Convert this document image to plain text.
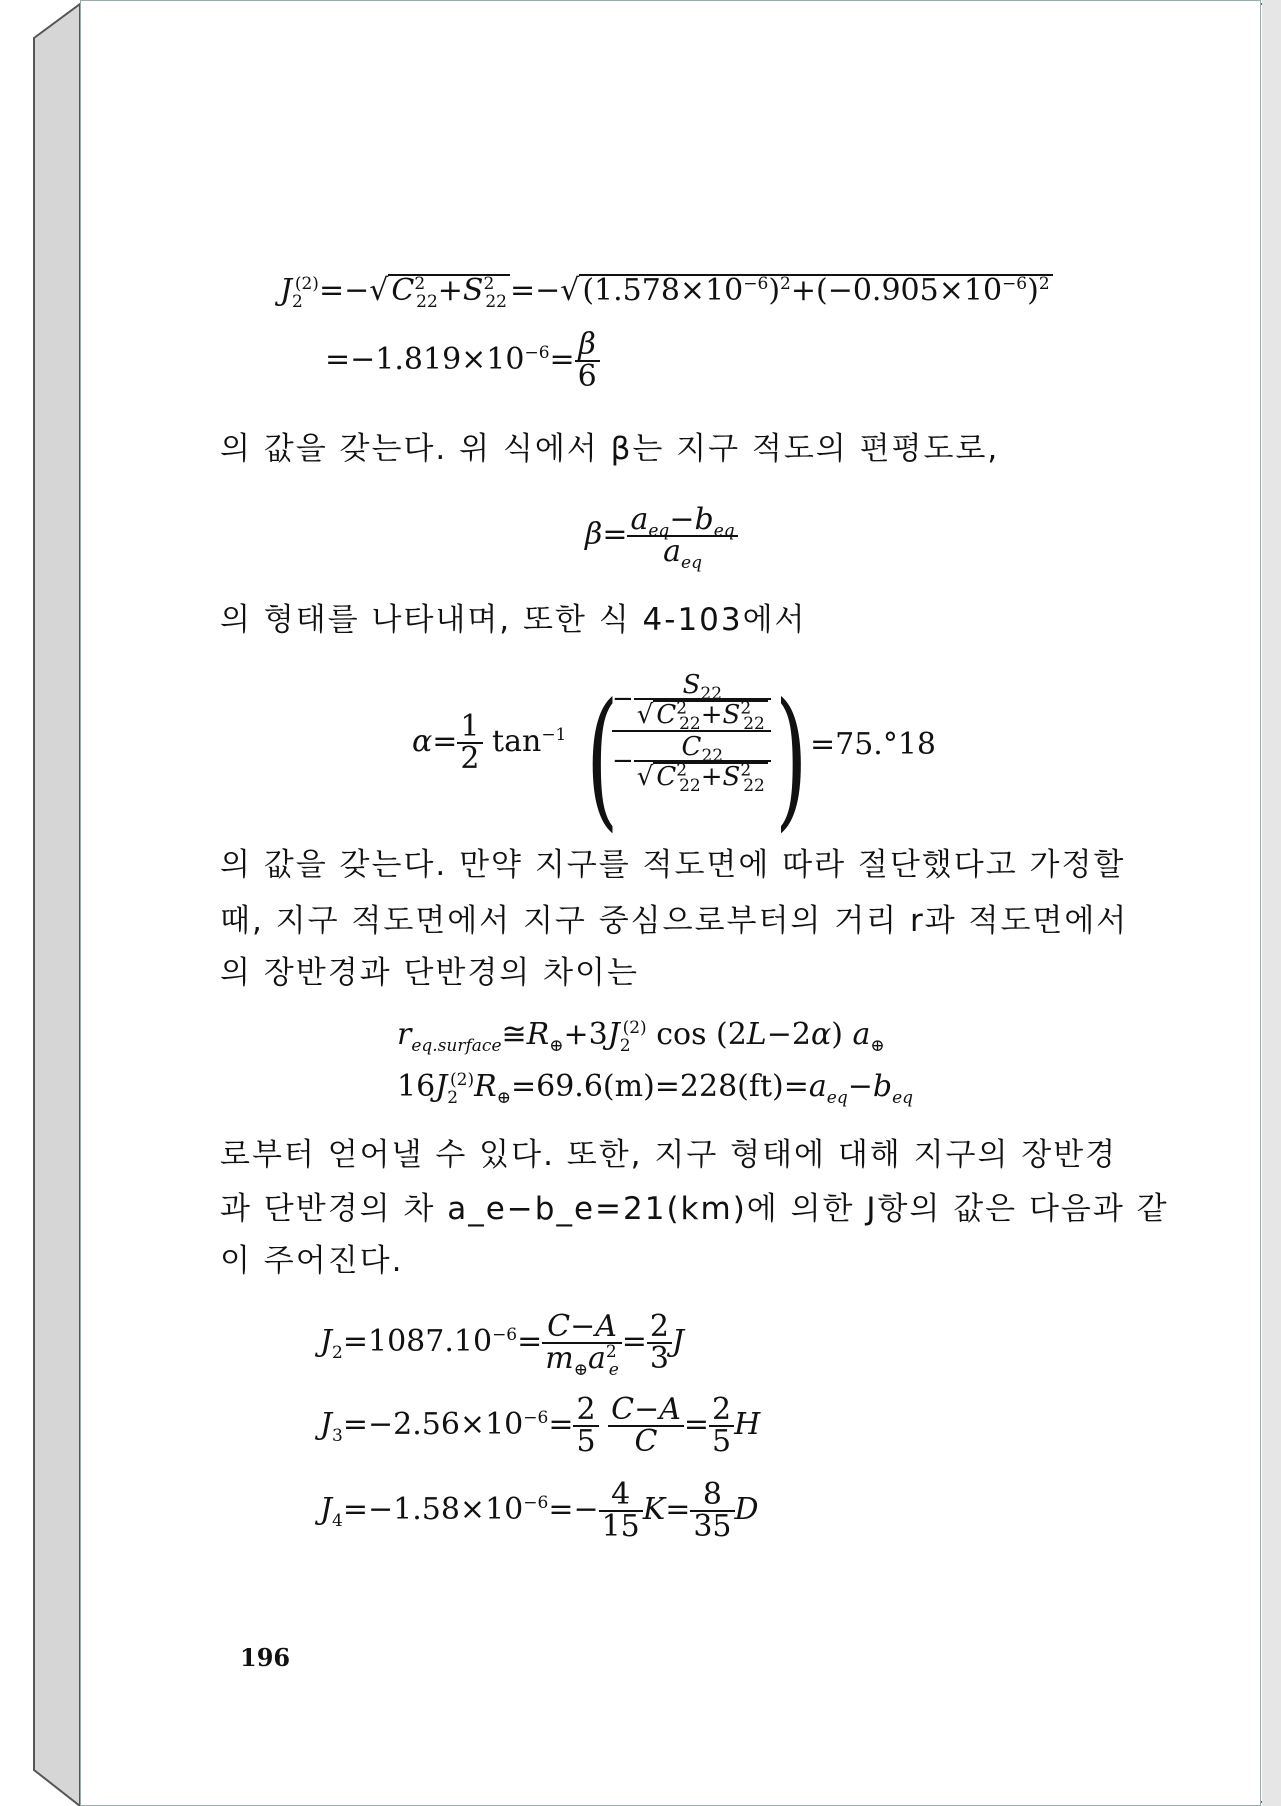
$J_2^{(2)}=-√$ $C^2_{22}+S^2_{22}$ =−√ $(1.578\times 10^{-6})^2+(-0.905\times 10^{-6})^2$
$=-1.819\times 10^{-6}= \frac{\beta}{6}$
의 값을 갖는다. 위 식에서 β는 지구 적도의 편평도로,
$\beta= \frac{a_{eq}-b_{eq}}{a_{eq}}$
의 형태를 나타내며, 또한 식 4-103에서
$\alpha= \frac{1}{2} \tan^{-1}$ (
− $\frac{S_{22}}{√ C^2_{22}+S^2_{22}}$
− $\frac{C_{22}}{√ C^2_{22}+S^2_{22}}$ ) =75.°18
의 값을 갖는다. 만약 지구를 적도면에 따라 절단했다고 가정할
때, 지구 적도면에서 지구 중심으로부터의 거리 r과 적도면에서
의 장반경과 단반경의 차이는
$r_{eq.surface}≅R_\oplus+3J_2^{(2)}$ cos (2L−2α) $a_\oplus$
$16J_2^{(2)}R_\oplus=69.6(m)=228(ft)=a_{eq}-b_{eq}$
로부터 얻어낼 수 있다. 또한, 지구 형태에 대해 지구의 장반경
과 단반경의 차 a_e−b_e=21(km)에 의한 J항의 값은 다음과 같
이 주어진다.
$J_2=1087.10^{-6}= \frac{C-A}{m_\oplus a^2_e} = \frac{2}{3}$ J
$J_3=-2.56\times 10^{-6}= \frac{2}{5}$
$\frac{C-A}{C} = \frac{2}{5}$ H
$J_4=-1.58\times 10^{-6}=- \frac{4}{15} K= \frac{8}{35}$ D
196
